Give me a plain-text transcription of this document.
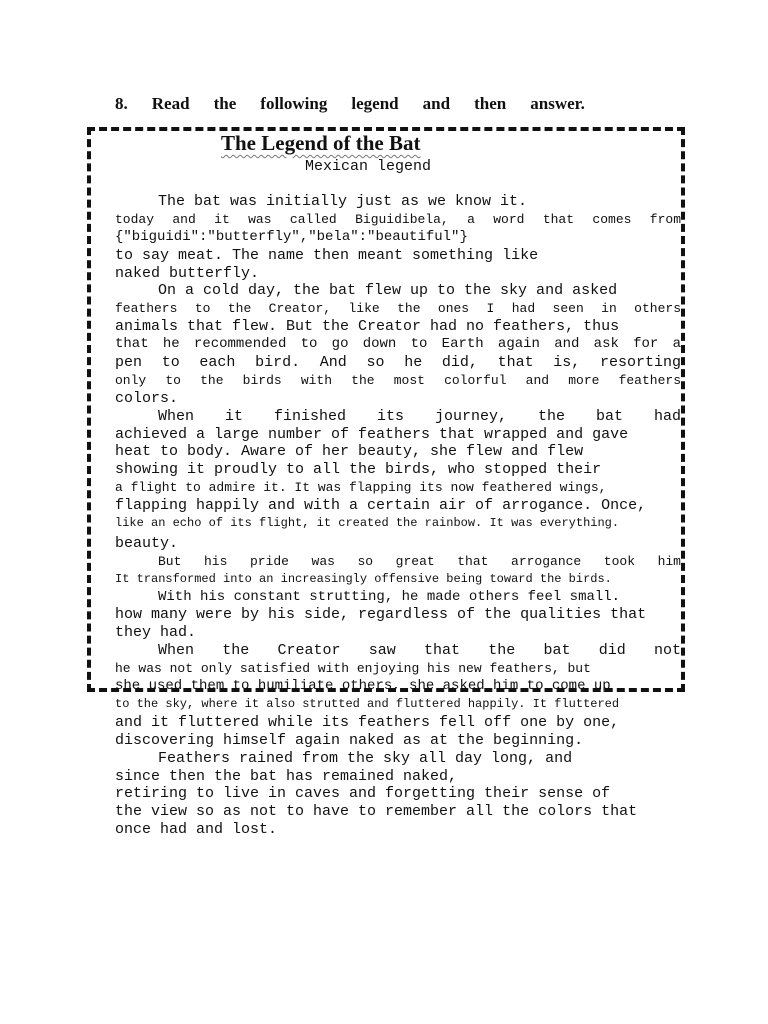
8. Read the following legend and then answer.
The Legend of the Bat
Mexican legend
The bat was initially just as we know it.
today and it was called Biguidibela, a word that comes from
{"biguidi":"butterfly","bela":"beautiful"}
to say meat. The name then meant something like
naked butterfly.
On a cold day, the bat flew up to the sky and asked
feathers to the Creator, like the ones I had seen in others
animals that flew. But the Creator had no feathers, thus
that he recommended to go down to Earth again and ask for a
pen to each bird. And so he did, that is, resorting
only to the birds with the most colorful and more feathers
colors.
When it finished its journey, the bat had
achieved a large number of feathers that wrapped and gave
heat to body. Aware of her beauty, she flew and flew
showing it proudly to all the birds, who stopped their
a flight to admire it. It was flapping its now feathered wings,
flapping happily and with a certain air of arrogance. Once,
like an echo of its flight, it created the rainbow. It was everything.
beauty.
But his pride was so great that arrogance took him
It transformed into an increasingly offensive being toward the birds.
With his constant strutting, he made others feel small.
how many were by his side, regardless of the qualities that
they had.
When the Creator saw that the bat did not
he was not only satisfied with enjoying his new feathers, but
she used them to humiliate others, she asked him to come up
to the sky, where it also strutted and fluttered happily. It fluttered
and it fluttered while its feathers fell off one by one,
discovering himself again naked as at the beginning.
Feathers rained from the sky all day long, and
since then the bat has remained naked,
retiring to live in caves and forgetting their sense of
the view so as not to have to remember all the colors that
once had and lost.
